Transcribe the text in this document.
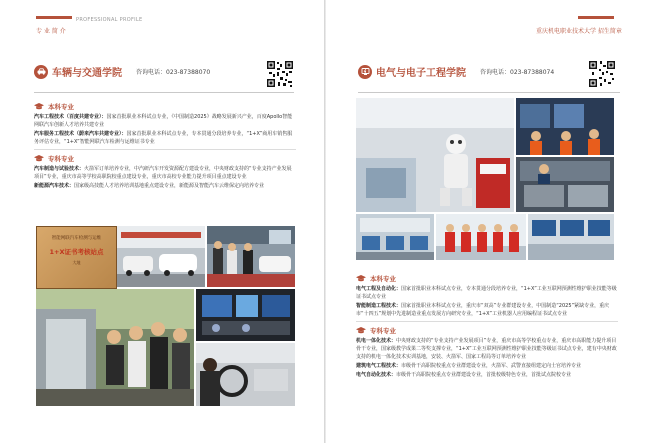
PROFESSIONAL PROFILE
专 业 简 介
车辆与交通学院 咨询电话：023-87388070
本科专业

汽车工程技术（百度共建专业）：国家首批职业本科试点专业，《中国制造2025》战略发展新兴产业，百度Apollo智能网联汽车创新人才培养共建专业

汽车服务工程技术（蔚来汽车共建专业）：国家首批职业本科试点专业，专本贯通分段培养专业，“1+X”商用车销售服务评估专业，“1+X”智能网联汽车检测与运维证书专业

专科专业

汽车制造与试验技术：火箭军订单培养专业，中汽研汽车开发资源配方建设专业，中央财政支持的“专业支持产业发展项目”专业，重庆市高等学校高职院校重点建设专业，重庆市高校专业能力提升项目重点建设专业

新能源汽车技术：国家级高技能人才培养培训基地重点建设专业，新能源及智能汽车云维保定向培养专业

智能网联汽车检测与运维
1+X证书考核站点
大地
重庆机电职业技术大学 招生简章
电气与电子工程学院 咨询电话：023-87388074
本科专业

电气工程及自动化：国家首批职业本科试点专业，专本贯通分段培养专业，“1+X”工业互联网预测性维护职业技能等级证书试点专业

智能制造工程技术：国家首批职业本科试点专业，重庆市“双高”专业群建设专业，中国制造“2025”紧缺专业，重庆市“十四五”规划中先进制造业重点发展方向研究专业，“1+X”工业机器人应用编程证书试点专业

专科专业

机电一体化技术：中央财政支持的“专业支持产业发展项目”专业，重庆市高等学校重点专业，重庆市高职能力提升项目骨干专业，国家级教学成果二等奖支撑专业，“1+X”工业互联网预测性维护职业技能等级证书试点专业，建有中央财政支持的机电一体化技术实训基地，安装、火箭军、国家工程局等订单培养专业

建筑电气工程技术：市级骨干高职院校重点专业群建设专业，火箭军、武警直接组建定向士官培养专业

电气自动化技术：市级骨干高职院校重点专业群建设专业，首批校级特色专业，首批试点院校专业
